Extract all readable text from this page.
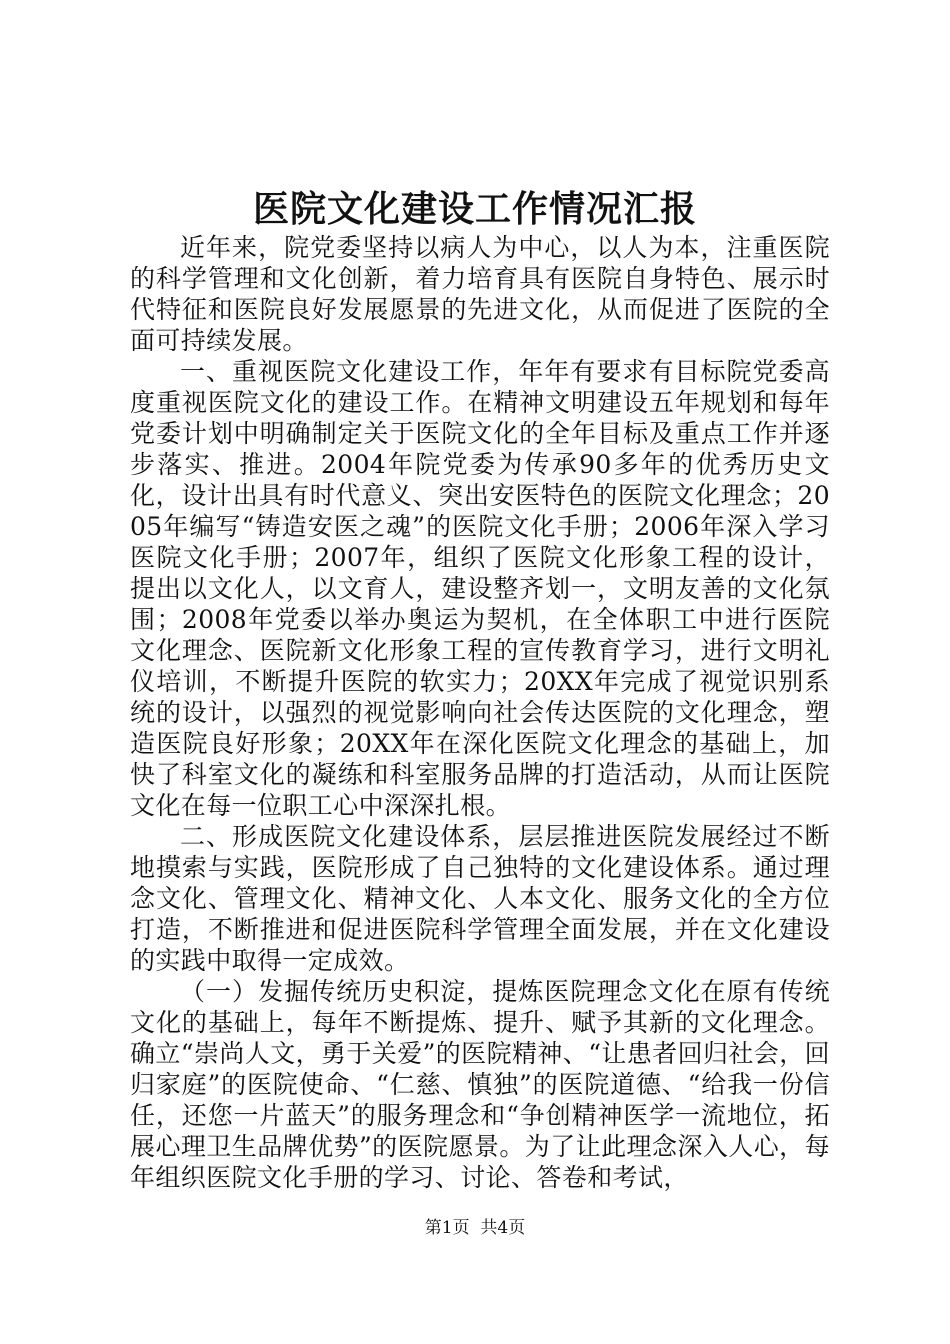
医院文化建设工作情况汇报

近年来，院党委坚持以病人为中心，以人为本，注重医院的科学管理和文化创新，着力培育具有医院自身特色、展示时代特征和医院良好发展愿景的先进文化，从而促进了医院的全面可持续发展。

一、重视医院文化建设工作，年年有要求有目标院党委高度重视医院文化的建设工作。在精神文明建设五年规划和每年党委计划中明确制定关于医院文化的全年目标及重点工作并逐步落实、推进。2004年院党委为传承90多年的优秀历史文化，设计出具有时代意义、突出安医特色的医院文化理念；2005年编写“铸造安医之魂”的医院文化手册；2006年深入学习医院文化手册；2007年，组织了医院文化形象工程的设计，提出以文化人，以文育人，建设整齐划一，文明友善的文化氛围；2008年党委以举办奥运为契机，在全体职工中进行医院文化理念、医院新文化形象工程的宣传教育学习，进行文明礼仪培训，不断提升医院的软实力；20XX年完成了视觉识别系统的设计，以强烈的视觉影响向社会传达医院的文化理念，塑造医院良好形象；20XX年在深化医院文化理念的基础上，加快了科室文化的凝练和科室服务品牌的打造活动，从而让医院文化在每一位职工心中深深扎根。

二、形成医院文化建设体系，层层推进医院发展经过不断地摸索与实践，医院形成了自己独特的文化建设体系。通过理念文化、管理文化、精神文化、人本文化、服务文化的全方位打造，不断推进和促进医院科学管理全面发展，并在文化建设的实践中取得一定成效。

（一）发掘传统历史积淀，提炼医院理念文化在原有传统文化的基础上，每年不断提炼、提升、赋予其新的文化理念。确立“崇尚人文，勇于关爱”的医院精神、“让患者回归社会，回归家庭”的医院使命、“仁慈、慎独”的医院道德、“给我一份信任，还您一片蓝天”的服务理念和“争创精神医学一流地位，拓展心理卫生品牌优势”的医院愿景。为了让此理念深入人心，每年组织医院文化手册的学习、讨论、答卷和考试，

第1页 共4页
